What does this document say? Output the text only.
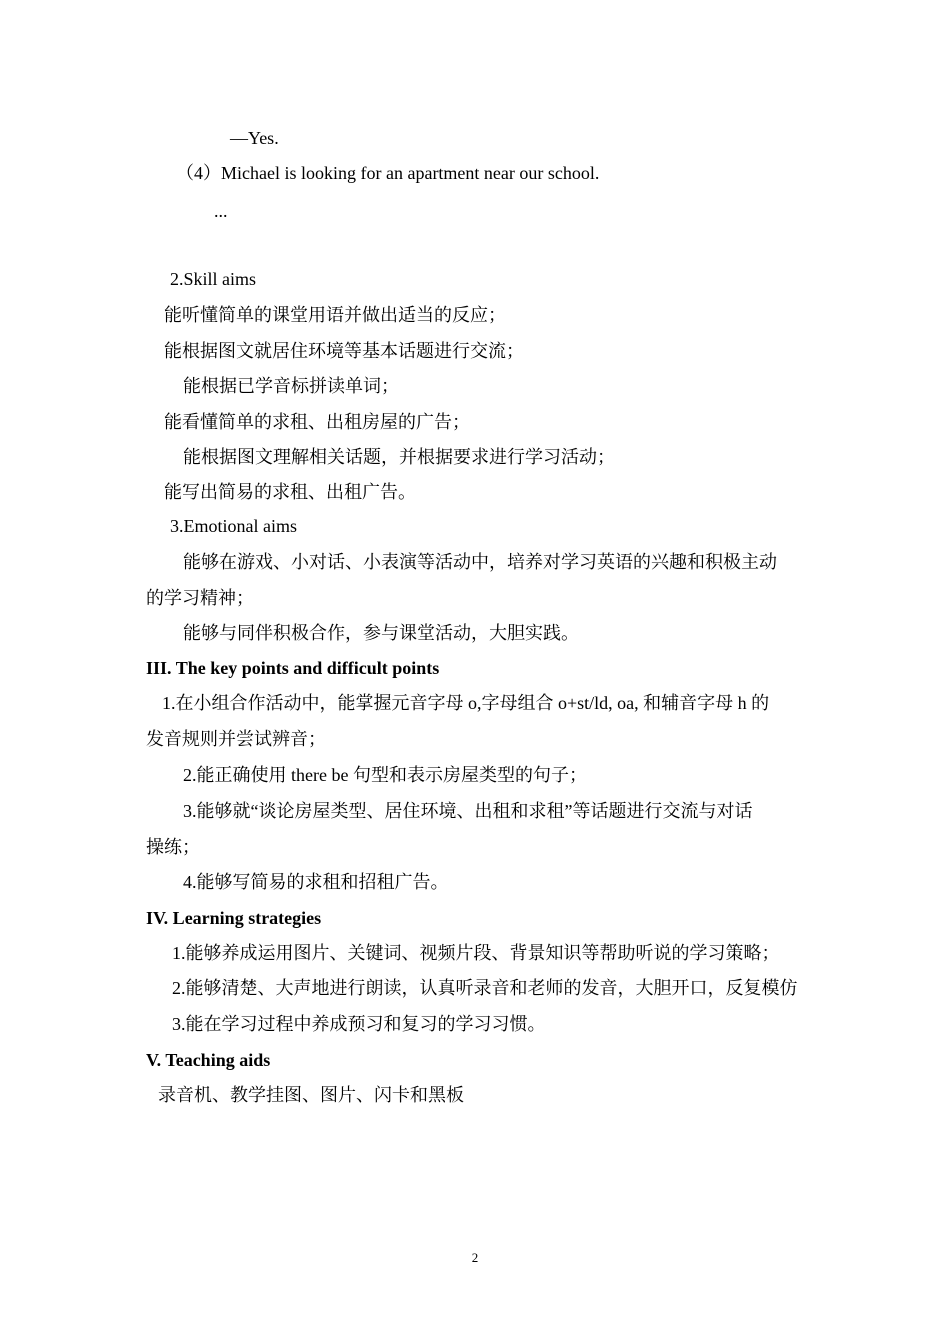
—Yes.
（4）Michael is looking for an apartment near our school.
...
2.Skill aims
能听懂简单的课堂用语并做出适当的反应；
能根据图文就居住环境等基本话题进行交流；
能根据已学音标拼读单词；
能看懂简单的求租、出租房屋的广告；
能根据图文理解相关话题，并根据要求进行学习活动；
能写出简易的求租、出租广告。
3.Emotional aims
能够在游戏、小对话、小表演等活动中，培养对学习英语的兴趣和积极主动
的学习精神；
能够与同伴积极合作，参与课堂活动，大胆实践。
III. The key points and difficult points
1.在小组合作活动中，能掌握元音字母 o,字母组合 o+st/ld, oa, 和辅音字母 h 的
发音规则并尝试辨音；
2.能正确使用 there be 句型和表示房屋类型的句子；
3.能够就“谈论房屋类型、居住环境、出租和求租”等话题进行交流与对话
操练；
4.能够写简易的求租和招租广告。
IV. Learning strategies
1.能够养成运用图片、关键词、视频片段、背景知识等帮助听说的学习策略；
2.能够清楚、大声地进行朗读，认真听录音和老师的发音，大胆开口，反复模仿
3.能在学习过程中养成预习和复习的学习习惯。
V. Teaching aids
录音机、教学挂图、图片、闪卡和黑板
2
